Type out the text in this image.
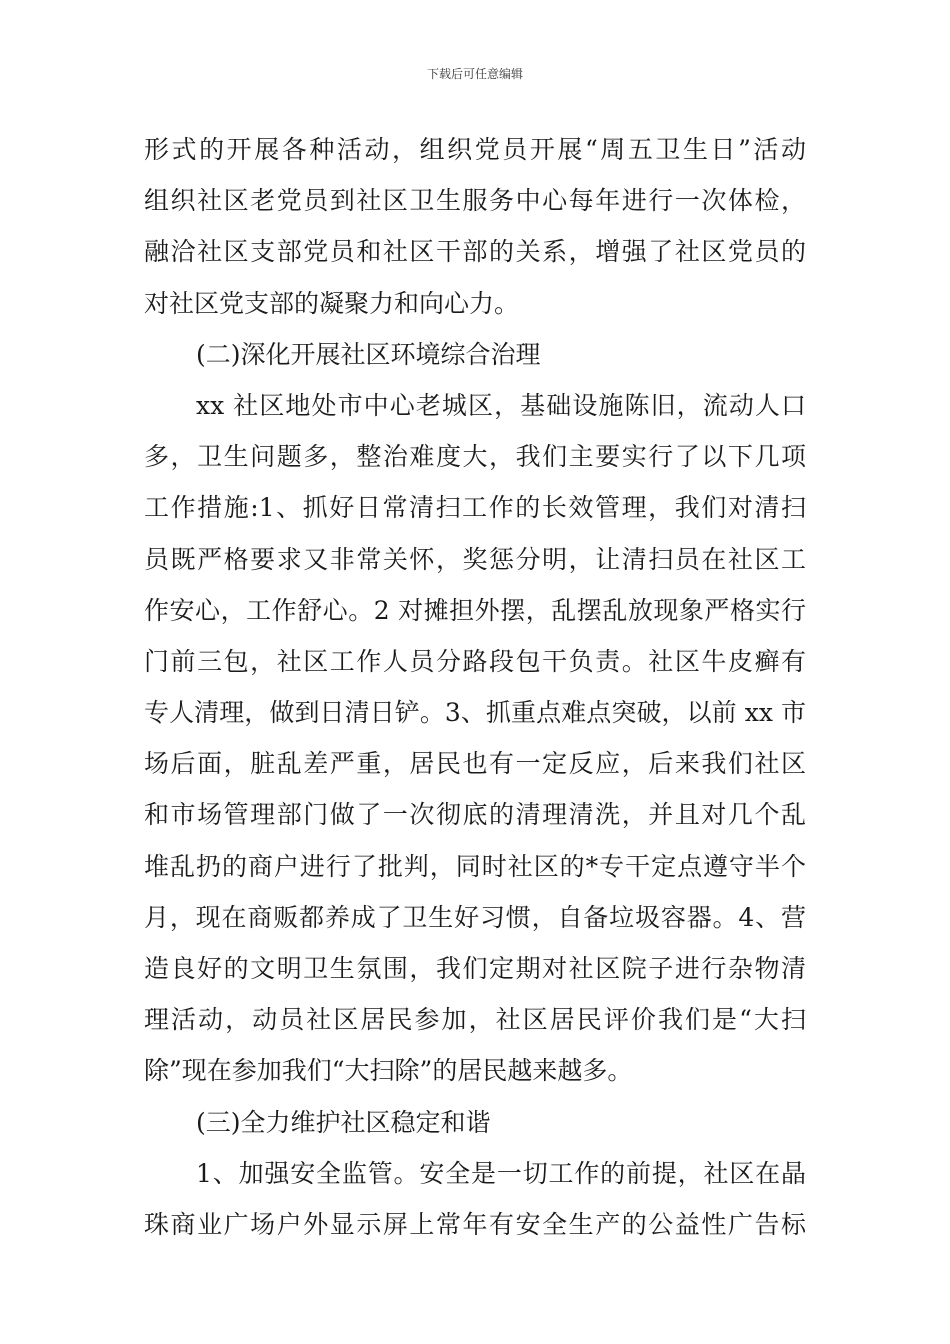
下载后可任意编辑
形式的开展各种活动，组织党员开展“周五卫生日”活动
组织社区老党员到社区卫生服务中心每年进行一次体检，
融洽社区支部党员和社区干部的关系，增强了社区党员的
对社区党支部的凝聚力和向心力。
(二)深化开展社区环境综合治理
xx 社区地处市中心老城区，基础设施陈旧，流动人口
多，卫生问题多，整治难度大，我们主要实行了以下几项
工作措施:1、抓好日常清扫工作的长效管理，我们对清扫
员既严格要求又非常关怀，奖惩分明，让清扫员在社区工
作安心，工作舒心。2 对摊担外摆，乱摆乱放现象严格实行
门前三包，社区工作人员分路段包干负责。社区牛皮癣有
专人清理，做到日清日铲。3、抓重点难点突破，以前 xx 市
场后面，脏乱差严重，居民也有一定反应，后来我们社区
和市场管理部门做了一次彻底的清理清洗，并且对几个乱
堆乱扔的商户进行了批判，同时社区的*专干定点遵守半个
月，现在商贩都养成了卫生好习惯，自备垃圾容器。4、营
造良好的文明卫生氛围，我们定期对社区院子进行杂物清
理活动，动员社区居民参加，社区居民评价我们是“大扫
除”现在参加我们“大扫除”的居民越来越多。
(三)全力维护社区稳定和谐
1、加强安全监管。安全是一切工作的前提，社区在晶
珠商业广场户外显示屏上常年有安全生产的公益性广告标
